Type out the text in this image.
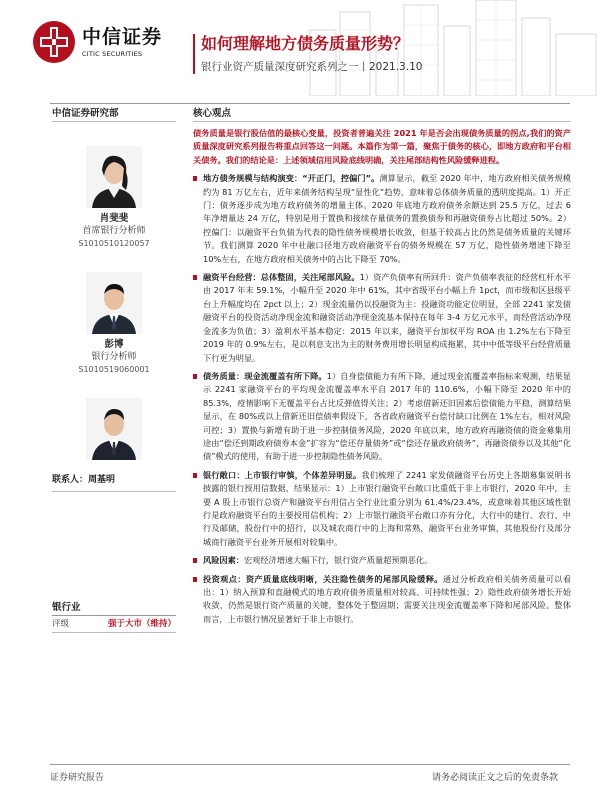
中信证券
CITIC SECURITIES
如何理解地方债务质量形势？
银行业资产质量深度研究系列之一丨2021.3.10
中信证券研究部
肖斐斐
首席银行分析师
S1010510120057
彭博
银行分析师
S1010519060001
联系人：周基明
银行业
评级	强于大市（维持）
核心观点

债务质量是银行股估值的最核心变量，投资者普遍关注 2021 年是否会出现债务质量的拐点,我们的资产质量深度研究系列报告将重点回答这一问题。本篇作为第一篇，聚焦于债务的核心，即地方政府和平台相关债务。我们的结论是：上述领域信用风险底线明确，关注尾部结构性风险缓释进程。

地方债务规模与结构演变：“开正门，控偏门”。测算显示，截至 2020 年中，地方政府相关债务规模约为 81 万亿左右，近年来债务结构呈现“显性化”趋势，意味着总体债务质量的透明度提高。1）开正门：债务逐步成为地方政府债务的增量主体。2020 年底地方政府债务余额达到 25.5 万亿，过去 6 年净增量达 24 万亿，特别是用于置换和接续存量债务的置换债券和再融资债券占比超过 50%。2）控偏门：以融资平台负债为代表的隐性债务规模增长收敛，但基于较高占比仍然是债务质量的关键环节。我们测算 2020 年中社融口径地方政府融资平台的债务规模在 57 万亿，隐性债务增速下降至 10%左右，在地方政府相关债务中的占比下降至 70%。

融资平台经营：总体整固，关注尾部风险。1）资产负债率有所回升：资产负债率表征的经营杠杆水平由 2017 年末 59.1%，小幅升至 2020 年中 61%，其中省级平台小幅上升 1pct，而市级和区县级平台上升幅度均在 2pct 以上；2）现金流量仍以投融资为主：投融资功能定位明显，全部 2241 家发债融资平台的投资活动净现金流和融资活动净现金流基本保持在每年 3-4 万亿元水平，而经营活动净现金流多为负值；3）盈利水平基本稳定：2015 年以来，融资平台加权平均 ROA 由 1.2%左右下降至 2019 年的 0.9%左右，是以利息支出为主的财务费用增长明显构成拖累，其中中低等级平台经营质量下行更为明显。

债务质量：现金流覆盖有所下降。1）自身偿债能力有所下降，通过现金流覆盖率指标来观测，结果显示 2241 家融资平台的平均现金流覆盖率水平自 2017 年的 110.6%，小幅下降至 2020 年中的 85.3%，疫情影响下无覆盖平台占比反弹值得关注；2）考虑借新还旧因素后偿债能力平稳，测算结果显示，在 80%或以上借新还旧偿债率假设下，各省政府融资平台偿付缺口比例在 1%左右，相对风险可控；3）置换与新增有助于进一步控制债务风险，2020 年底以来，地方政府再融资债的资金募集用途由“偿还到期政府债券本金”扩容为“偿还存量债务”或“偿还存量政府债务”，再融资债券以及其他“化债”模式的使用，有助于进一步控制隐性债务风险。

银行敞口：上市银行审慎，个体差异明显。我们梳理了 2241 家发债融资平台历史上各期募集说明书披露的银行授用信数据，结果显示：1）上市银行融资平台敞口比重低于非上市银行，2020 年中，主要 A 股上市银行总资产和融资平台用信占全行业比重分别为 61.4%/23.4%，或意味着其他区域性银行是政府融资平台的主要授用信机构；2）上市银行融资平台敞口亦有分化，大行中的建行、农行、中行及邮储，股份行中的招行，以及城农商行中的上海和常熟，融资平台业务审慎，其他股份行及部分城商行融资平台业务开展相对较集中。

风险因素：宏观经济增速大幅下行，银行资产质量超预期恶化。

投资观点：资产质量底线明晰，关注隐性债务的尾部风险缓释。通过分析政府相关债务质量可以看出：1）纳入预算和直融模式的地方政府债务质量相对较高、可持续性强；2）隐性政府债务增长开始收敛，仍然是银行资产质量的关键，整体处于整固期；需要关注现金流覆盖率下降和尾部风险。整体而言，上市银行情况显著好于非上市银行。

证券研究报告	请务必阅读正文之后的免责条款
